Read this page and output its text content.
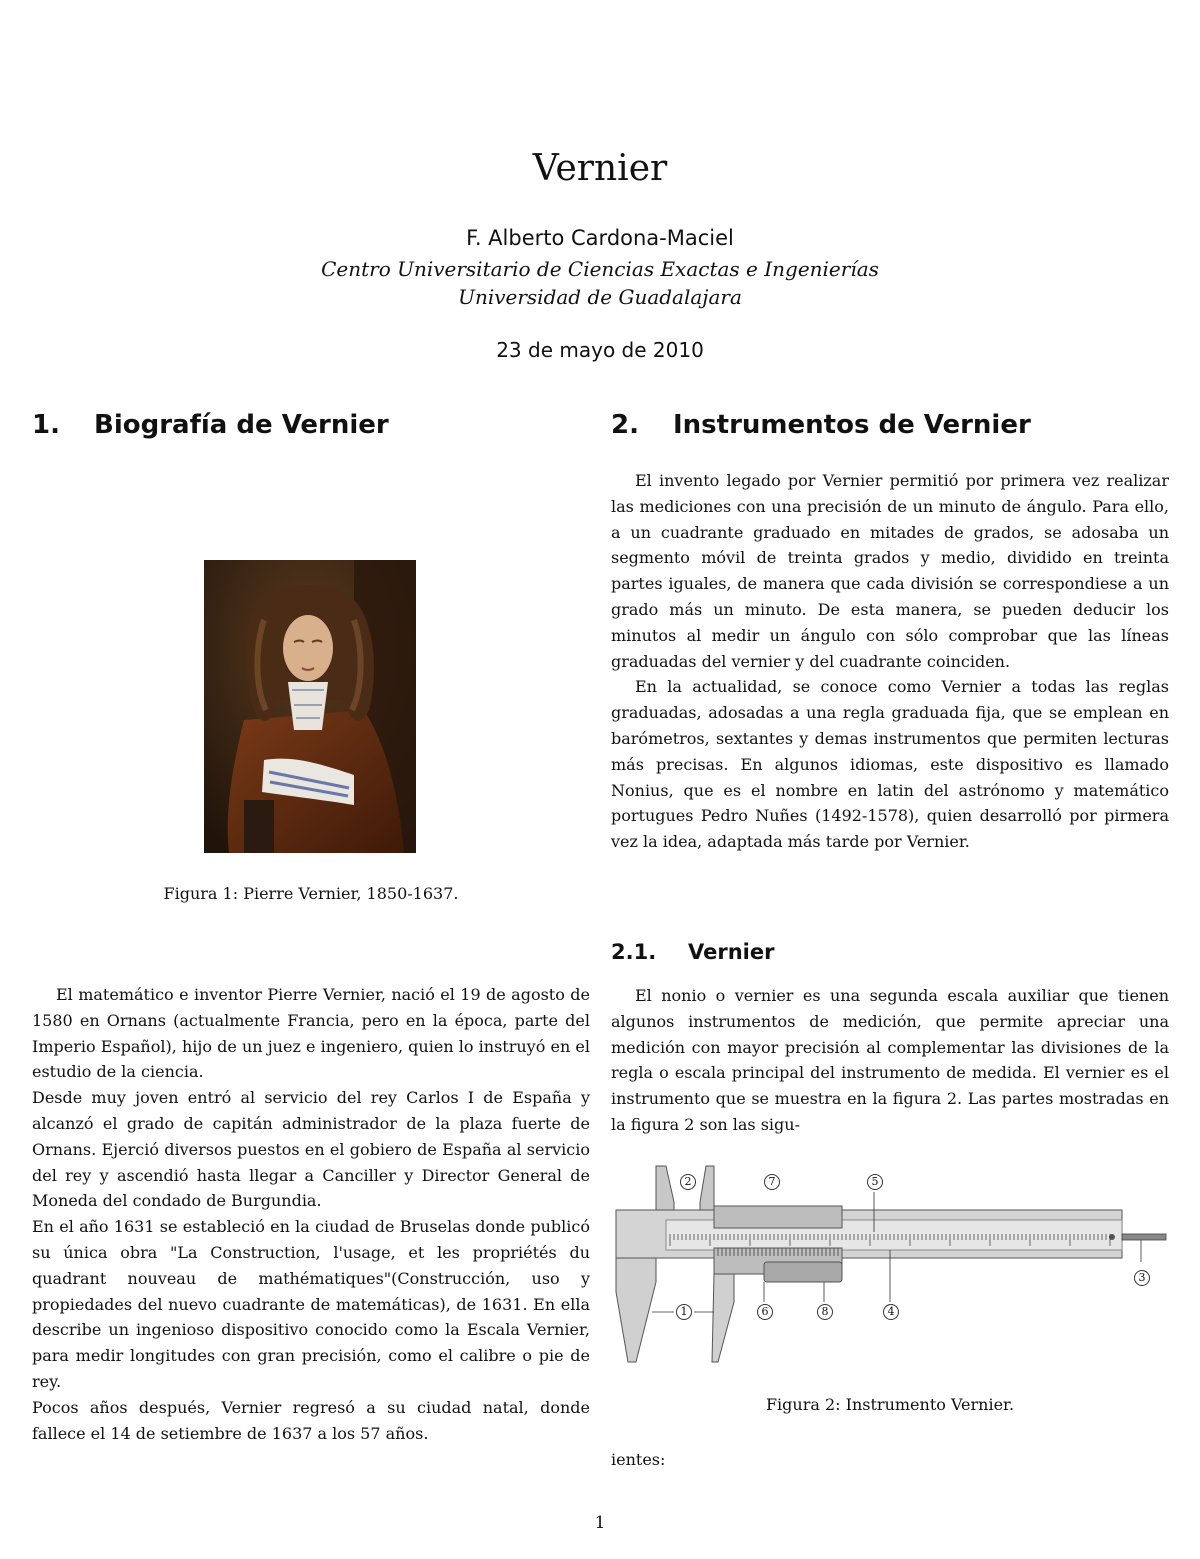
Vernier
F. Alberto Cardona-Maciel
Centro Universitario de Ciencias Exactas e Ingenierías
Universidad de Guadalajara
23 de mayo de 2010
1. Biografía de Vernier	2. Instrumentos de Vernier
Figura 1: Pierre Vernier, 1850-1637.

El matemático e inventor Pierre Vernier, nació el 19 de agosto de 1580 en Ornans (actualmente Francia, pero en la época, parte del Imperio Español), hijo de un juez e ingeniero, quien lo instruyó en el estudio de la ciencia.

Desde muy joven entró al servicio del rey Carlos I de España y alcanzó el grado de capitán administrador de la plaza fuerte de Ornans. Ejerció diversos puestos en el gobiero de España al servicio del rey y ascendió hasta llegar a Canciller y Director General de Moneda del condado de Burgundia.

En el año 1631 se estableció en la ciudad de Bruselas donde publicó su única obra "La Construction, l'usage, et les propriétés du quadrant nouveau de mathématiques"(Construcción, uso y propiedades del nuevo cuadrante de matemáticas), de 1631. En ella describe un ingenioso dispositivo conocido como la Escala Vernier, para medir longitudes con gran precisión, como el calibre o pie de rey.

Pocos años después, Vernier regresó a su ciudad natal, donde fallece el 14 de setiembre de 1637 a los 57 años.

El invento legado por Vernier permitió por primera vez realizar las mediciones con una precisión de un minuto de ángulo. Para ello, a un cuadrante graduado en mitades de grados, se adosaba un segmento móvil de treinta grados y medio, dividido en treinta partes iguales, de manera que cada división se correspondiese a un grado más un minuto. De esta manera, se pueden deducir los minutos al medir un ángulo con sólo comprobar que las líneas graduadas del vernier y del cuadrante coinciden.

En la actualidad, se conoce como Vernier a todas las reglas graduadas, adosadas a una regla graduada fija, que se emplean en barómetros, sextantes y demas instrumentos que permiten lecturas más precisas. En algunos idiomas, este dispositivo es llamado Nonius, que es el nombre en latin del astrónomo y matemático portugues Pedro Nuñes (1492-1578), quien desarrolló por pirmera vez la idea, adaptada más tarde por Vernier.

2.1. Vernier

El nonio o vernier es una segunda escala auxiliar que tienen algunos instrumentos de medición, que permite apreciar una medición con mayor precisión al complementar las divisiones de la regla o escala principal del instrumento de medida. El vernier es el instrumento que se muestra en la figura 2. Las partes mostradas en la figura 2 son las sigu-

2	7	5
3
1	6	8	4
Figura 2: Instrumento Vernier.
ientes:
1
